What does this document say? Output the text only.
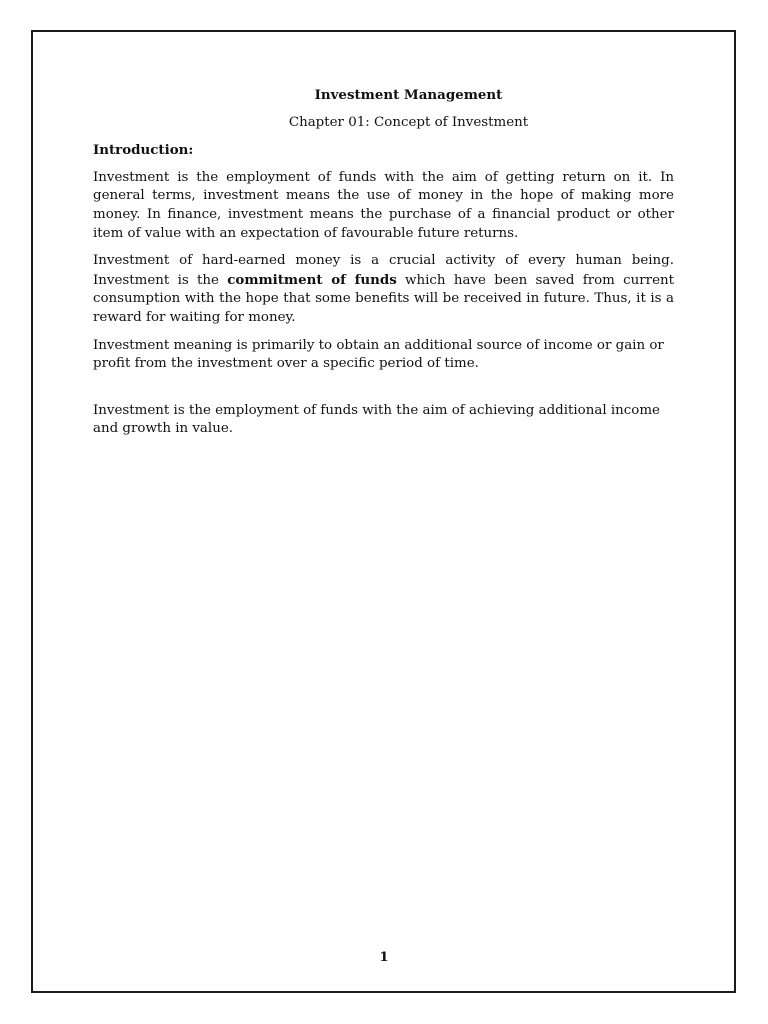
Investment Management

Chapter 01: Concept of Investment

Introduction:

Investment is the employment of funds with the aim of getting return on it. In general terms, investment means the use of money in the hope of making more money. In finance, investment means the purchase of a financial product or other item of value with an expectation of favourable future returns.

Investment of hard-earned money is a crucial activity of every human being. Investment is the commitment of funds which have been saved from current consumption with the hope that some benefits will be received in future. Thus, it is a reward for waiting for money.

Investment meaning is primarily to obtain an additional source of income or gain or profit from the investment over a specific period of time.

Investment is the employment of funds with the aim of achieving additional income and growth in value.

1
